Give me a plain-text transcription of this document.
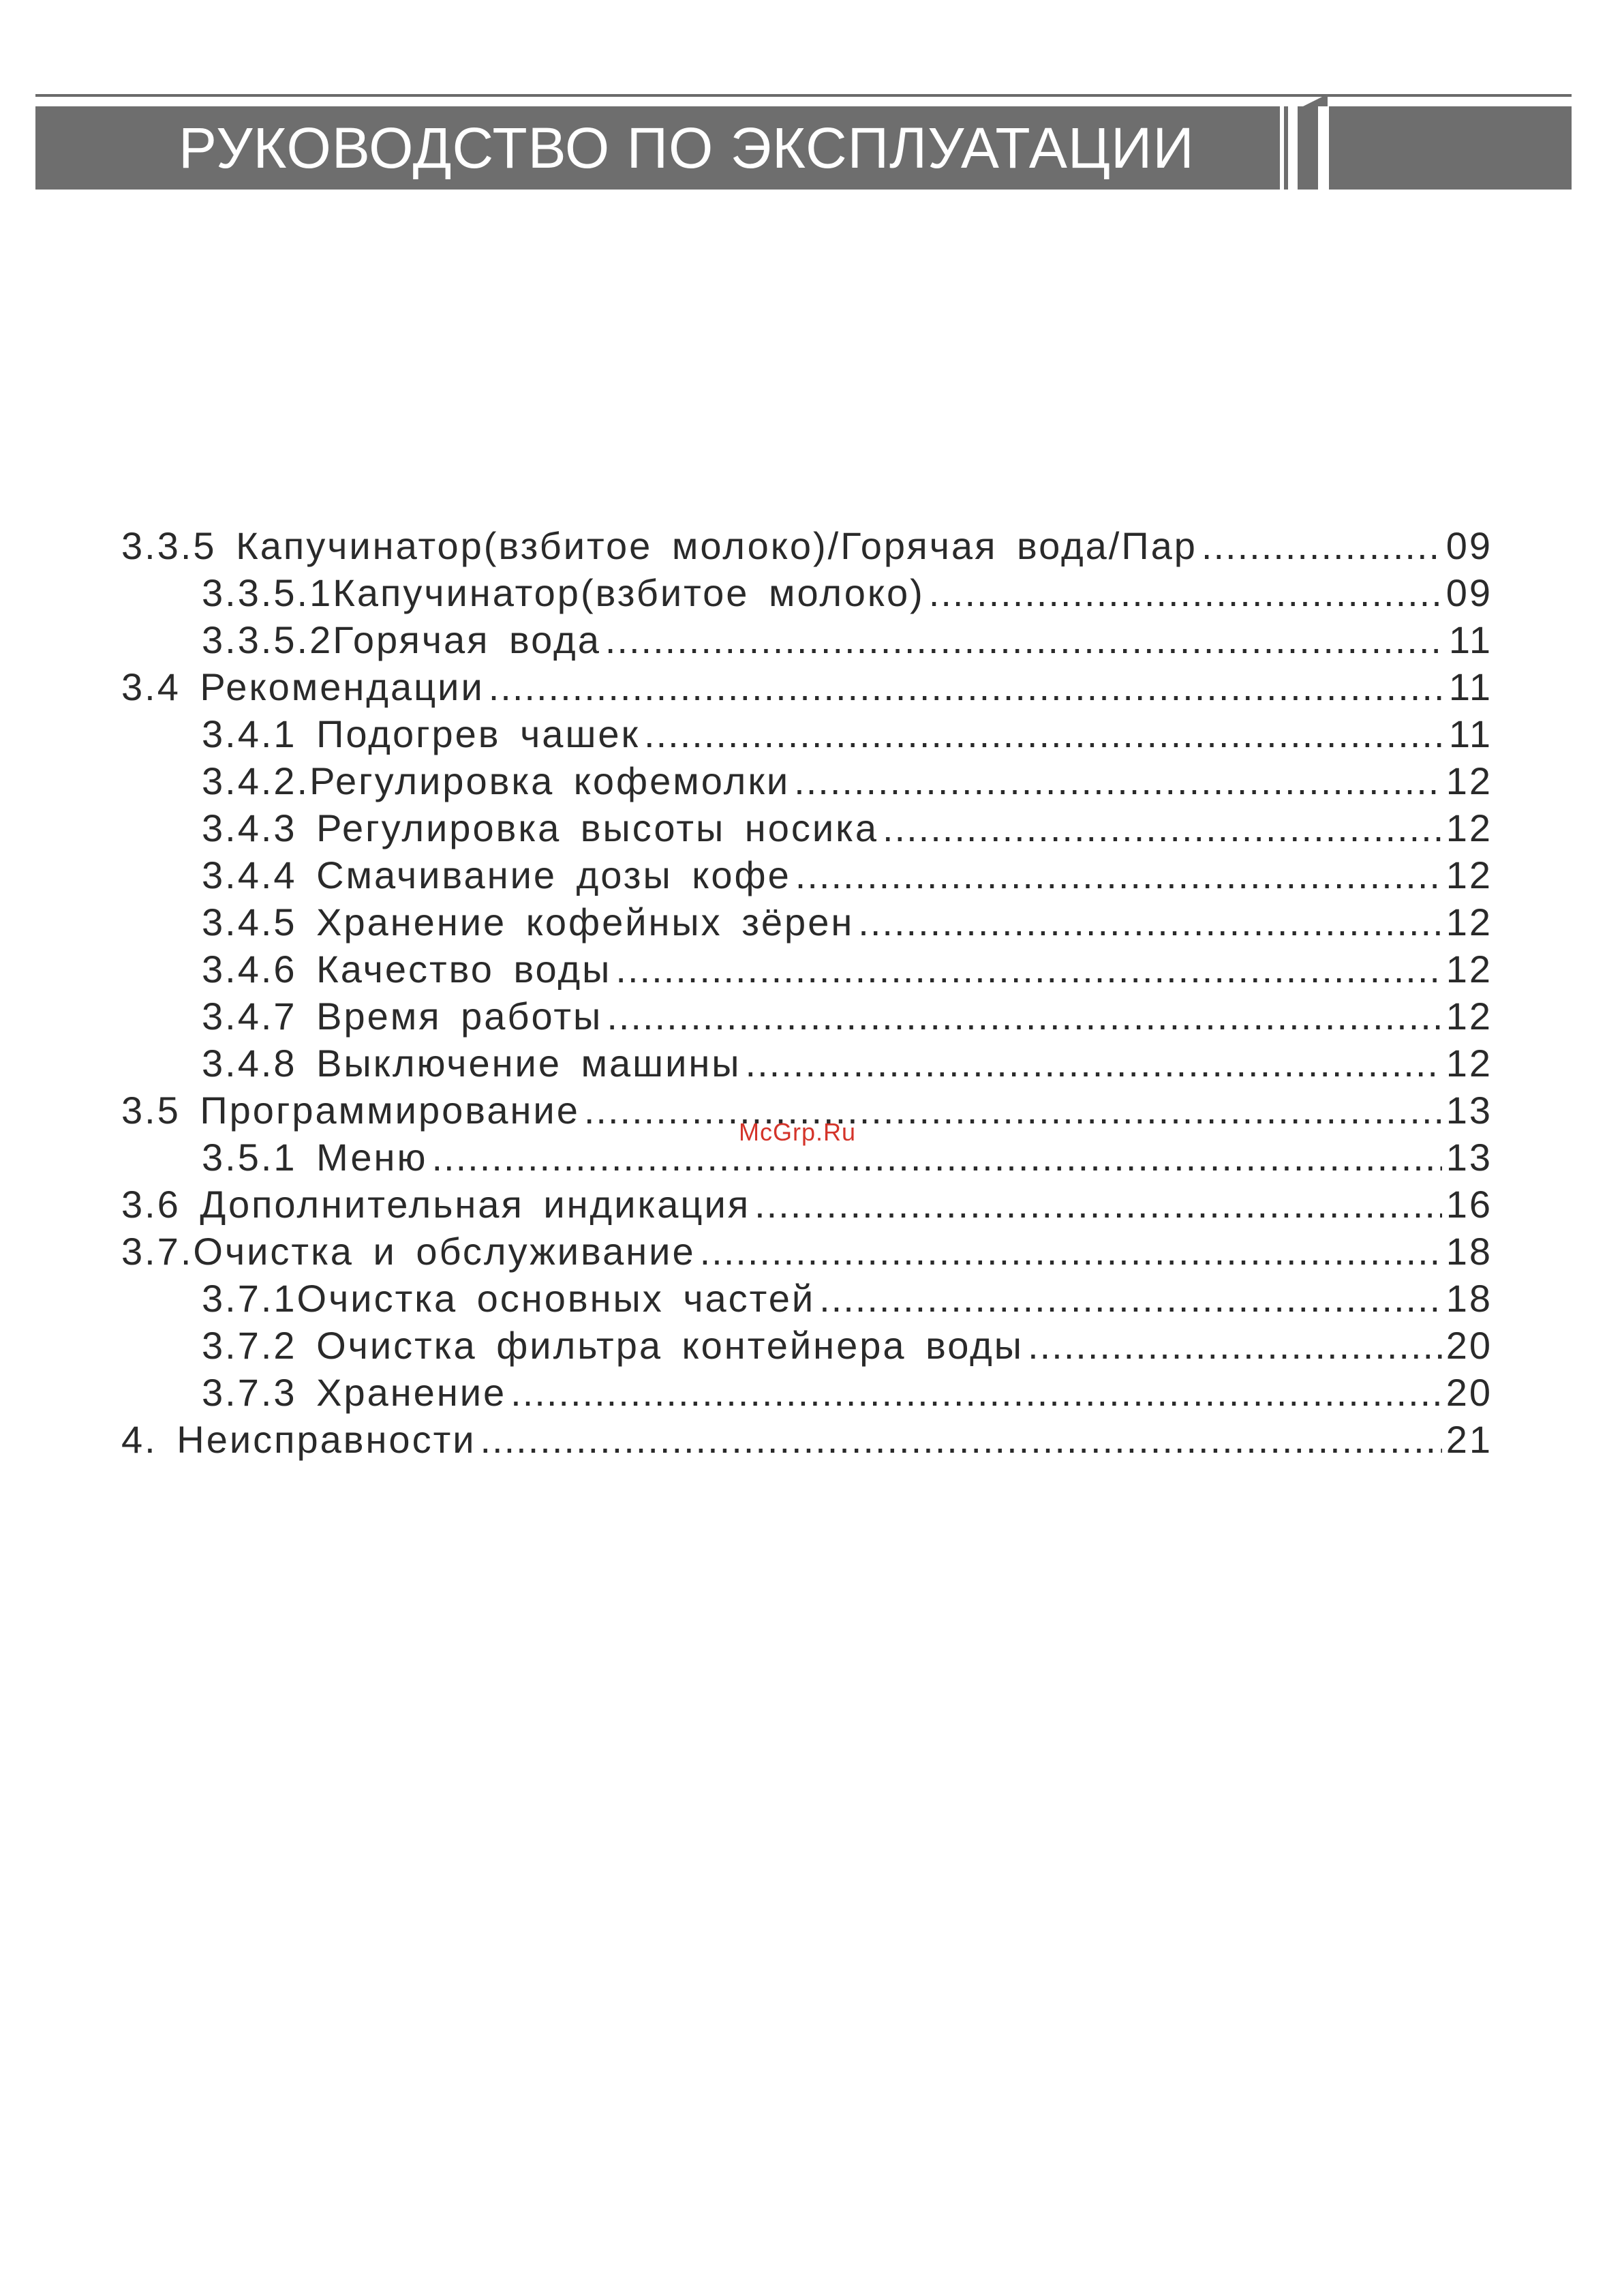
РУКОВОДСТВО ПО ЭКСПЛУАТАЦИИ
3.3.5 Капучинатор(взбитое молоко)/Горячая вода/Пар .....	09
3.3.5.1Капучинатор(взбитое молоко) .....	09
3.3.5.2Горячая вода .....	11
3.4 Рекомендации .....	11
3.4.1 Подогрев чашек .....	11
3.4.2.Регулировка кофемолки .....	12
3.4.3 Регулировка высоты носика .....	12
3.4.4 Смачивание дозы кофе .....	12
3.4.5 Хранение кофейных зёрен .....	12
3.4.6 Качество воды .....	12
3.4.7 Время работы .....	12
3.4.8 Выключение машины .....	12
3.5 Программирование .....	13
3.5.1 Меню .....	13
3.6 Дополнительная индикация .....	16
3.7.Очистка и обслуживание .....	18
3.7.1Очистка основных частей .....	18
3.7.2 Очистка фильтра контейнера воды .....	20
3.7.3 Хранение .....	20
4. Неисправности .....	21
McGrp.Ru
